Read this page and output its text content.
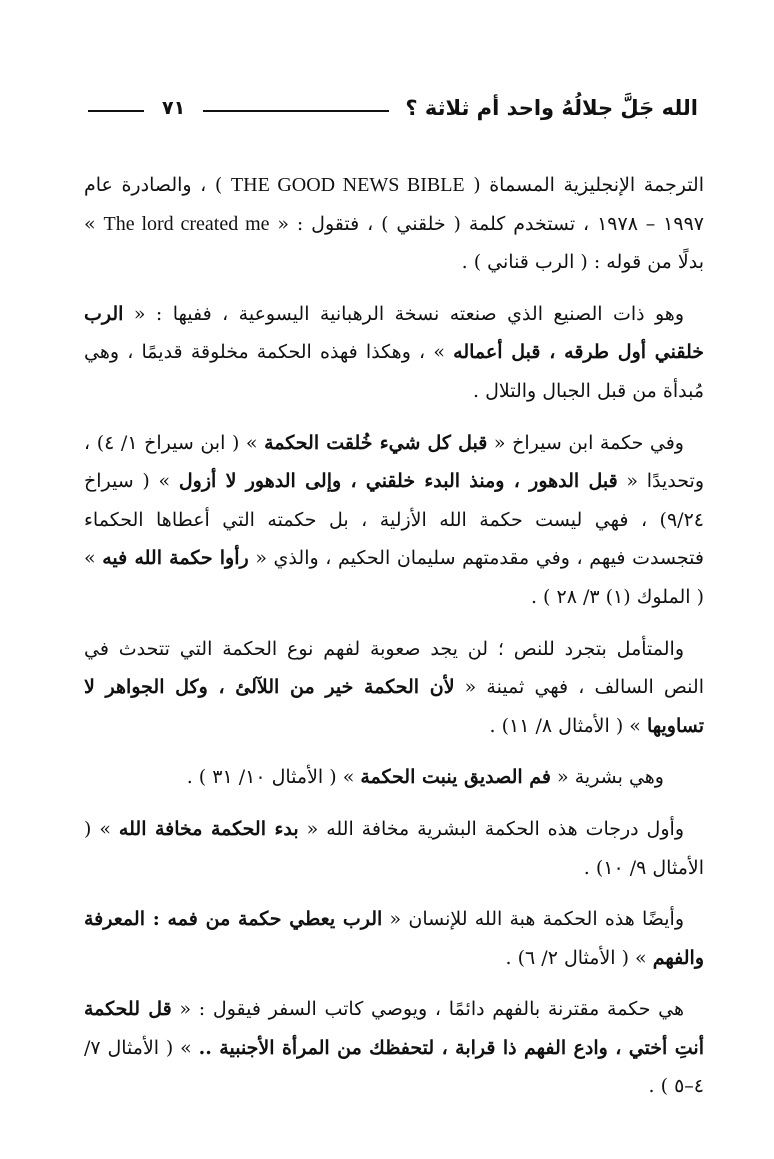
الله جَلَّ جلالُهُ واحد أم ثلاثة ؟
٧١

الترجمة الإنجليزية المسماة ( THE GOOD NEWS BIBLE ) ، والصادرة عام ١٩٩٧ – ١٩٧٨ ، تستخدم كلمة ( خلقني ) ، فتقول : « The lord created me » بدلًا من قوله : ( الرب قناني ) .

وهو ذات الصنيع الذي صنعته نسخة الرهبانية اليسوعية ، ففيها : « الرب خلقني أول طرقه ، قبل أعماله » ، وهكذا فهذه الحكمة مخلوقة قديمًا ، وهي مُبدأة من قبل الجبال والتلال .

وفي حكمة ابن سيراخ « قبل كل شيء خُلقت الحكمة » ( ابن سيراخ ١/ ٤) ، وتحديدًا « قبل الدهور ، ومنذ البدء خلقني ، وإلى الدهور لا أزول » ( سيراخ ٩/٢٤) ، فهي ليست حكمة الله الأزلية ، بل حكمته التي أعطاها الحكماء فتجسدت فيهم ، وفي مقدمتهم سليمان الحكيم ، والذي « رأوا حكمة الله فيه » ( الملوك (١) ٣/ ٢٨ ) .

والمتأمل بتجرد للنص ؛ لن يجد صعوبة لفهم نوع الحكمة التي تتحدث في النص السالف ، فهي ثمينة « لأن الحكمة خير من اللآلئ ، وكل الجواهر لا تساويها » ( الأمثال ٨/ ١١) .

وهي بشرية « فم الصديق ينبت الحكمة » ( الأمثال ١٠/ ٣١ ) .

وأول درجات هذه الحكمة البشرية مخافة الله « بدء الحكمة مخافة الله » ( الأمثال ٩/ ١٠) .

وأيضًا هذه الحكمة هبة الله للإنسان « الرب يعطي حكمة من فمه : المعرفة والفهم » ( الأمثال ٢/ ٦) .

هي حكمة مقترنة بالفهم دائمًا ، ويوصي كاتب السفر فيقول : « قل للحكمة أنتِ أختي ، وادع الفهم ذا قرابة ، لتحفظك من المرأة الأجنبية .. » ( الأمثال ٧/ ٤–٥ ) .
